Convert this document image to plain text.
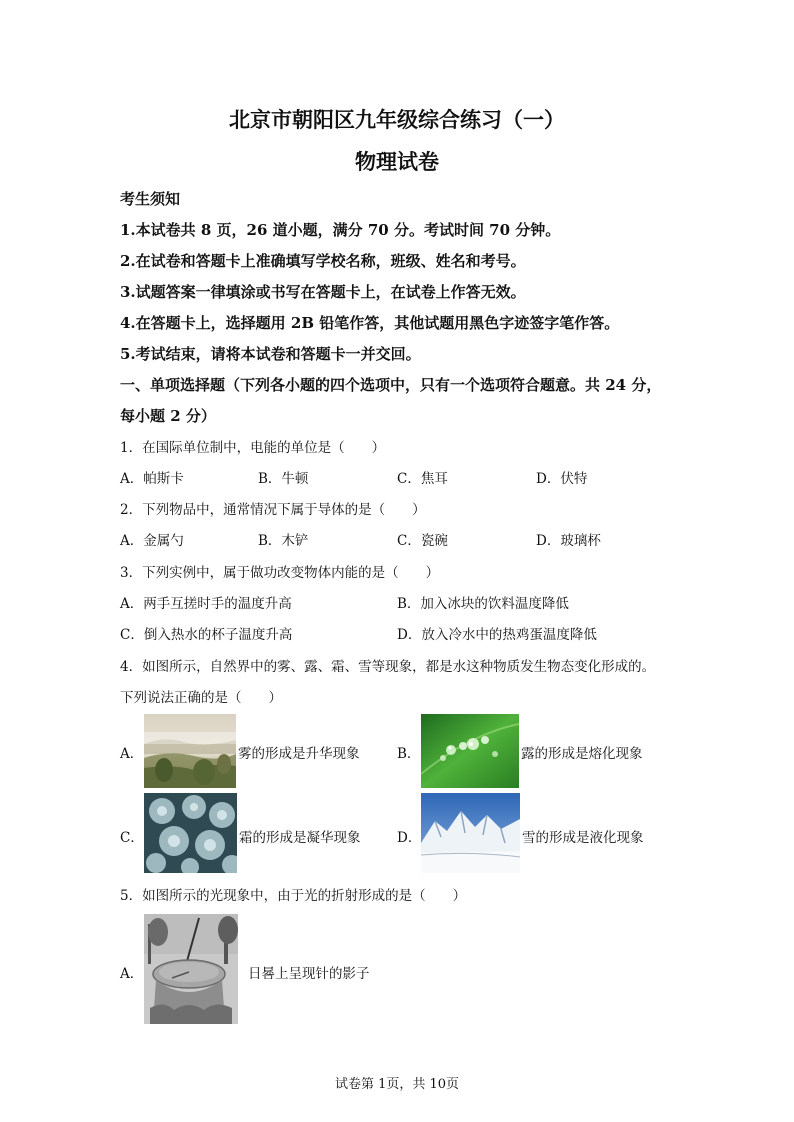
北京市朝阳区九年级综合练习（一）
物理试卷
考生须知
1.本试卷共 8 页，26 道小题，满分 70 分。考试时间 70 分钟。
2.在试卷和答题卡上准确填写学校名称，班级、姓名和考号。
3.试题答案一律填涂或书写在答题卡上，在试卷上作答无效。
4.在答题卡上，选择题用 2B 铅笔作答，其他试题用黑色字迹签字笔作答。
5.考试结束，请将本试卷和答题卡一并交回。
一、单项选择题（下列各小题的四个选项中，只有一个选项符合题意。共 24 分，
每小题 2 分）
1．在国际单位制中，电能的单位是（　　）
A．帕斯卡	B．牛顿	C．焦耳	D．伏特
2．下列物品中，通常情况下属于导体的是（　　）
A．金属勺	B．木铲	C．瓷碗	D．玻璃杯
3．下列实例中，属于做功改变物体内能的是（　　）
A．两手互搓时手的温度升高	B．加入冰块的饮料温度降低
C．倒入热水的杯子温度升高	D．放入冷水中的热鸡蛋温度降低
4．如图所示，自然界中的雾、露、霜、雪等现象，都是水这种物质发生物态变化形成的。
下列说法正确的是（　　）
A．	雾的形成是升华现象	B．	露的形成是熔化现象
C．	霜的形成是凝华现象	D．	雪的形成是液化现象
5．如图所示的光现象中，由于光的折射形成的是（　　）
A．	日晷上呈现针的影子
试卷第 1页，共 10页
